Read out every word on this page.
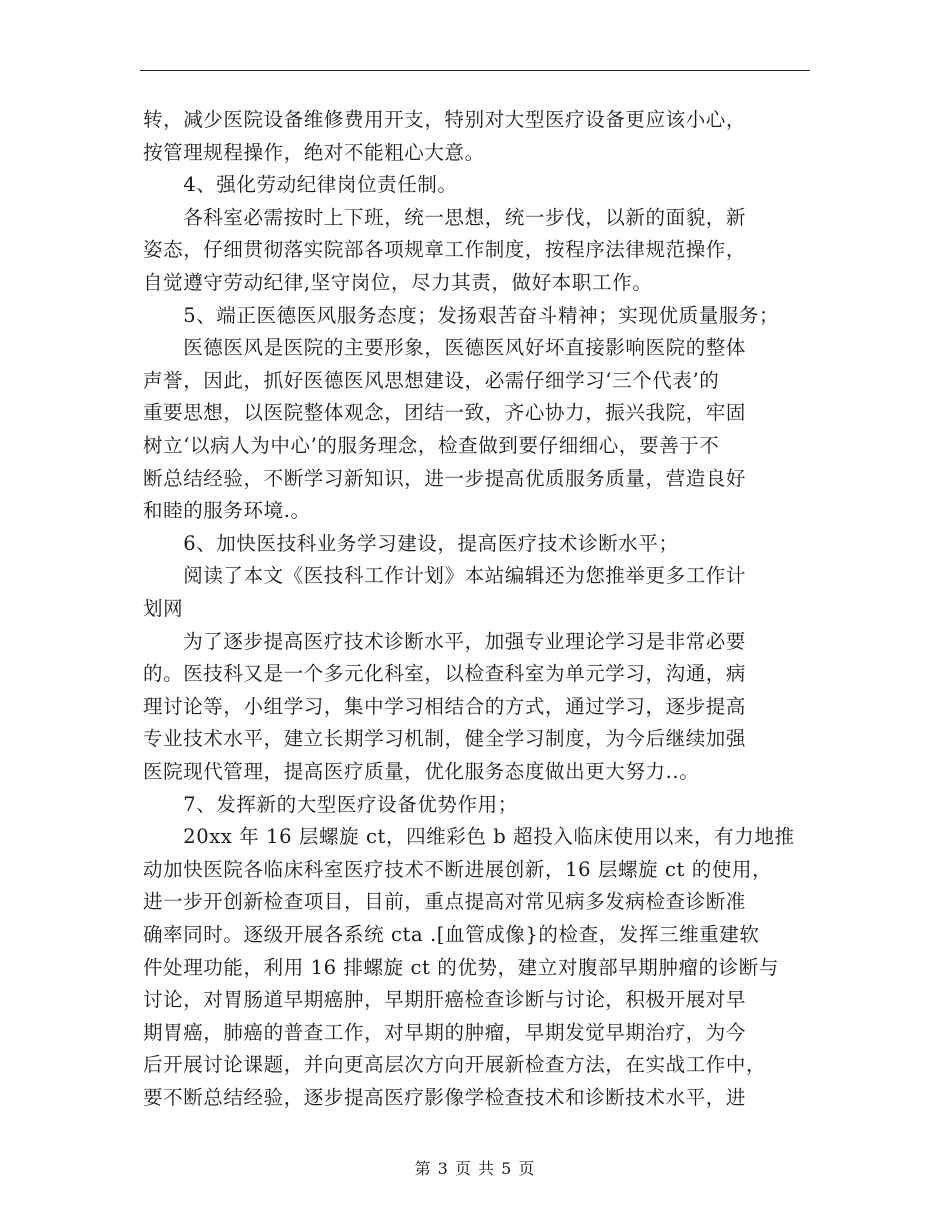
转，减少医院设备维修费用开支，特别对大型医疗设备更应该小心，
按管理规程操作，绝对不能粗心大意。
　　4、强化劳动纪律岗位责任制。
　　各科室必需按时上下班，统一思想，统一步伐，以新的面貌，新
姿态，仔细贯彻落实院部各项规章工作制度，按程序法律规范操作，
自觉遵守劳动纪律,坚守岗位，尽力其责，做好本职工作。
　　5、端正医德医风服务态度；发扬艰苦奋斗精神；实现优质量服务；
　　医德医风是医院的主要形象，医德医风好坏直接影响医院的整体
声誉，因此，抓好医德医风思想建设，必需仔细学习‘三个代表’的
重要思想，以医院整体观念，团结一致，齐心协力，振兴我院，牢固
树立‘以病人为中心’的服务理念，检查做到要仔细细心，要善于不
断总结经验，不断学习新知识，进一步提高优质服务质量，营造良好
和睦的服务环境.。
　　6、加快医技科业务学习建设，提高医疗技术诊断水平；
　　阅读了本文《医技科工作计划》本站编辑还为您推举更多工作计
划网
　　为了逐步提高医疗技术诊断水平，加强专业理论学习是非常必要
的。医技科又是一个多元化科室，以检查科室为单元学习，沟通，病
理讨论等，小组学习，集中学习相结合的方式，通过学习，逐步提高
专业技术水平，建立长期学习机制，健全学习制度，为今后继续加强
医院现代管理，提高医疗质量，优化服务态度做出更大努力..。
　　7、发挥新的大型医疗设备优势作用；
　　20xx 年 16 层螺旋 ct，四维彩色 b 超投入临床使用以来，有力地推
动加快医院各临床科室医疗技术不断进展创新，16 层螺旋 ct 的使用，
进一步开创新检查项目，目前，重点提高对常见病多发病检查诊断准
确率同时。逐级开展各系统 cta .[血管成像}的检查，发挥三维重建软
件处理功能，利用 16 排螺旋 ct 的优势，建立对腹部早期肿瘤的诊断与
讨论，对胃肠道早期癌肿，早期肝癌检查诊断与讨论，积极开展对早
期胃癌，肺癌的普查工作，对早期的肿瘤，早期发觉早期治疗，为今
后开展讨论课题，并向更高层次方向开展新检查方法，在实战工作中，
要不断总结经验，逐步提高医疗影像学检查技术和诊断技术水平，进
第 3 页 共 5 页
